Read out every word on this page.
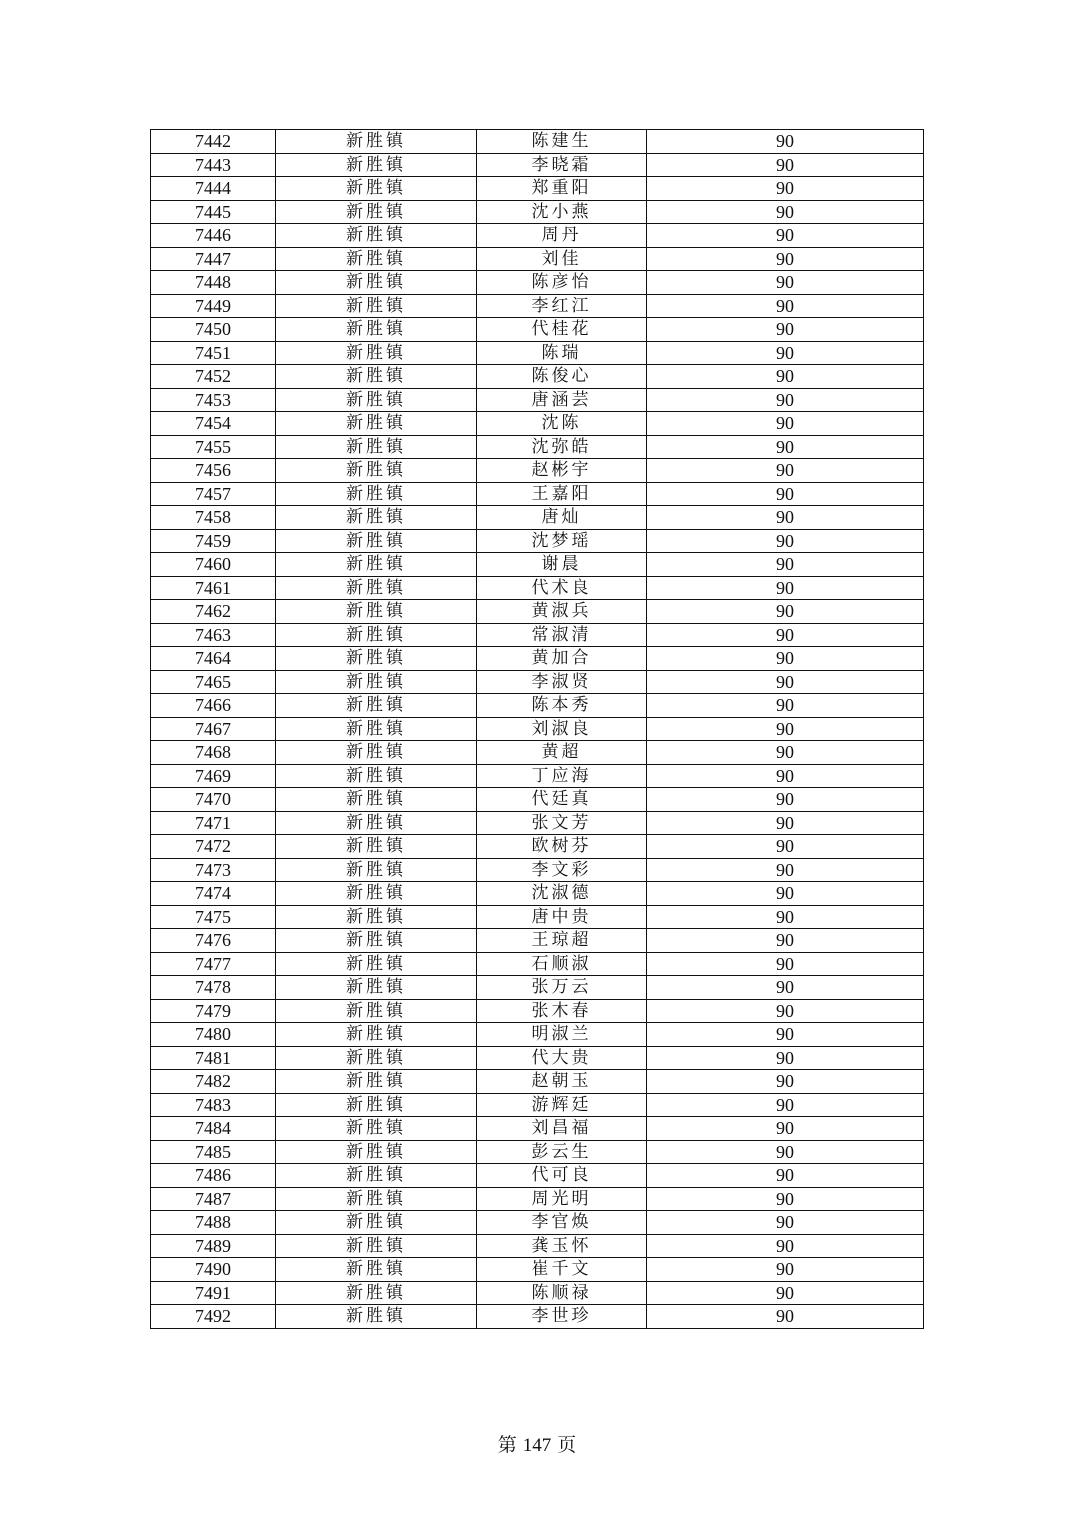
7442	新胜镇	陈建生	90
7443	新胜镇	李晓霜	90
7444	新胜镇	郑重阳	90
7445	新胜镇	沈小燕	90
7446	新胜镇	周丹	90
7447	新胜镇	刘佳	90
7448	新胜镇	陈彦怡	90
7449	新胜镇	李红江	90
7450	新胜镇	代桂花	90
7451	新胜镇	陈瑞	90
7452	新胜镇	陈俊心	90
7453	新胜镇	唐涵芸	90
7454	新胜镇	沈陈	90
7455	新胜镇	沈弥皓	90
7456	新胜镇	赵彬宇	90
7457	新胜镇	王嘉阳	90
7458	新胜镇	唐灿	90
7459	新胜镇	沈梦瑶	90
7460	新胜镇	谢晨	90
7461	新胜镇	代术良	90
7462	新胜镇	黄淑兵	90
7463	新胜镇	常淑清	90
7464	新胜镇	黄加合	90
7465	新胜镇	李淑贤	90
7466	新胜镇	陈本秀	90
7467	新胜镇	刘淑良	90
7468	新胜镇	黄超	90
7469	新胜镇	丁应海	90
7470	新胜镇	代廷真	90
7471	新胜镇	张文芳	90
7472	新胜镇	欧树芬	90
7473	新胜镇	李文彩	90
7474	新胜镇	沈淑德	90
7475	新胜镇	唐中贵	90
7476	新胜镇	王琼超	90
7477	新胜镇	石顺淑	90
7478	新胜镇	张万云	90
7479	新胜镇	张木春	90
7480	新胜镇	明淑兰	90
7481	新胜镇	代大贵	90
7482	新胜镇	赵朝玉	90
7483	新胜镇	游辉廷	90
7484	新胜镇	刘昌福	90
7485	新胜镇	彭云生	90
7486	新胜镇	代可良	90
7487	新胜镇	周光明	90
7488	新胜镇	李官焕	90
7489	新胜镇	龚玉怀	90
7490	新胜镇	崔千文	90
7491	新胜镇	陈顺禄	90
7492	新胜镇	李世珍	90
第 147 页
